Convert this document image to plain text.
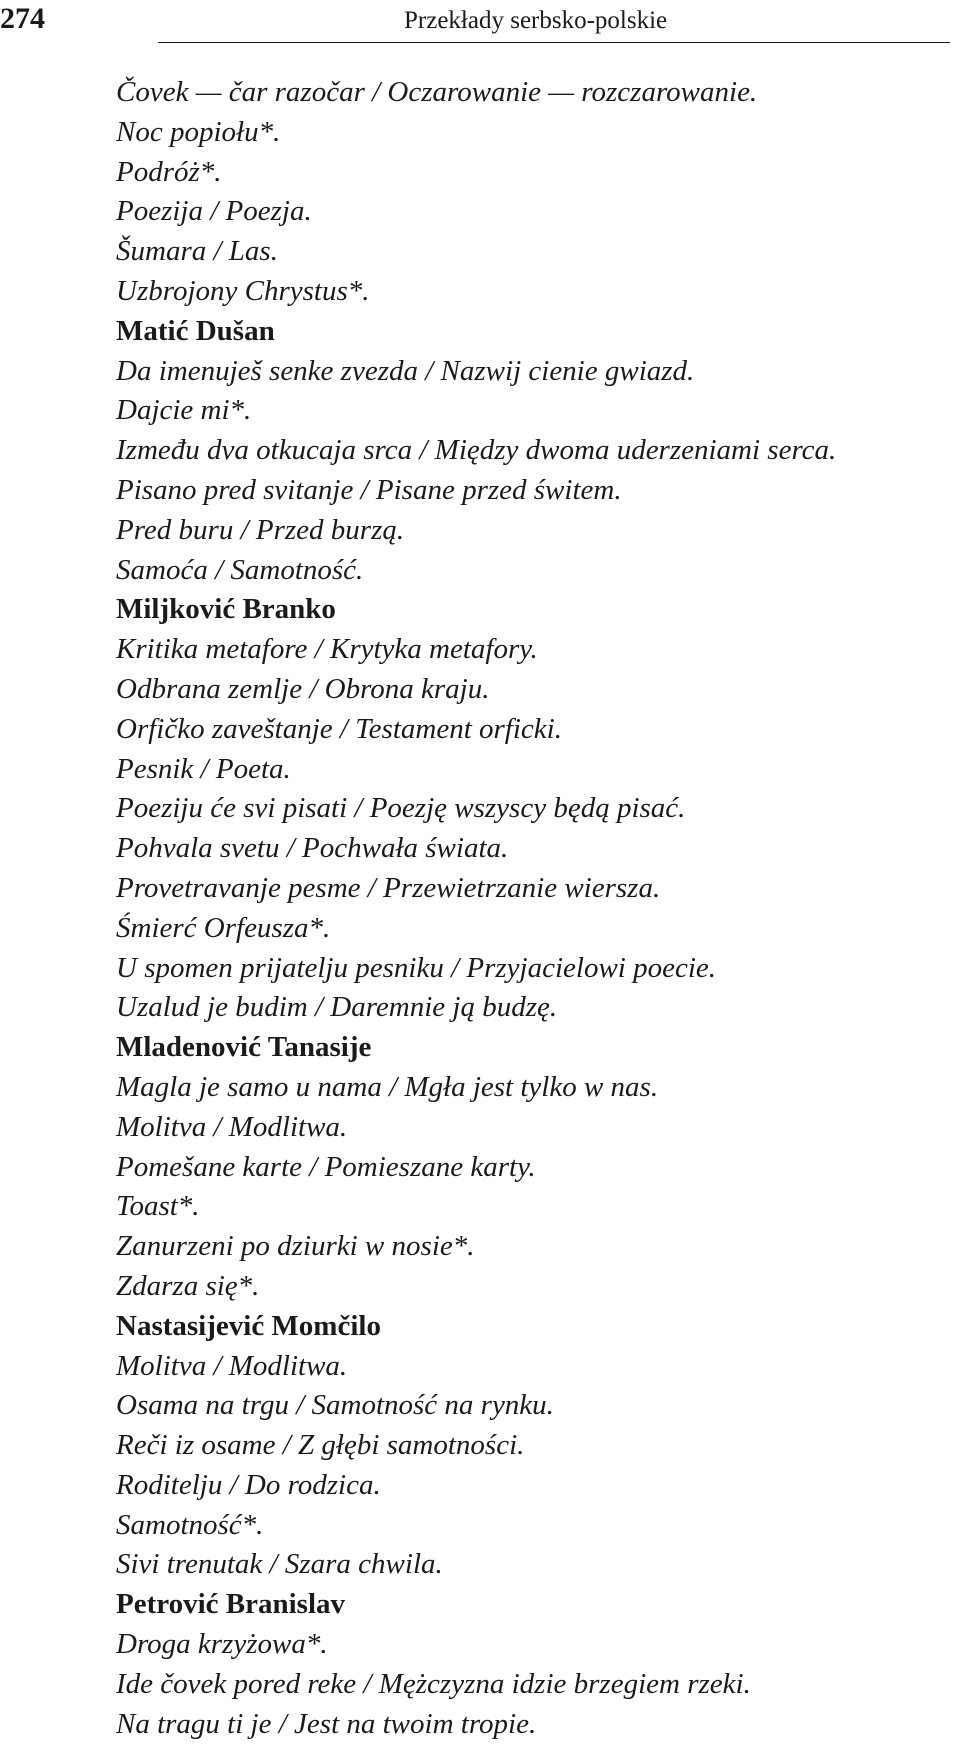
274	Przekłady serbsko-polskie
Čovek — čar razočar / Oczarowanie — rozczarowanie.
Noc popiołu*.
Podróż*.
Poezija / Poezja.
Šumara / Las.
Uzbrojony Chrystus*.
Matić Dušan
Da imenuješ senke zvezda / Nazwij cienie gwiazd.
Dajcie mi*.
Između dva otkucaja srca / Między dwoma uderzeniami serca.
Pisano pred svitanje / Pisane przed świtem.
Pred buru / Przed burzą.
Samoća / Samotność.
Miljković Branko
Kritika metafore / Krytyka metafory.
Odbrana zemlje / Obrona kraju.
Orfičko zaveštanje / Testament orficki.
Pesnik / Poeta.
Poeziju će svi pisati / Poezję wszyscy będą pisać.
Pohvala svetu / Pochwała świata.
Provetravanje pesme / Przewietrzanie wiersza.
Śmierć Orfeusza*.
U spomen prijatelju pesniku / Przyjacielowi poecie.
Uzalud je budim / Daremnie ją budzę.
Mladenović Tanasije
Magla je samo u nama / Mgła jest tylko w nas.
Molitva / Modlitwa.
Pomešane karte / Pomieszane karty.
Toast*.
Zanurzeni po dziurki w nosie*.
Zdarza się*.
Nastasijević Momčilo
Molitva / Modlitwa.
Osama na trgu / Samotność na rynku.
Reči iz osame / Z głębi samotności.
Roditelju / Do rodzica.
Samotność*.
Sivi trenutak / Szara chwila.
Petrović Branislav
Droga krzyżowa*.
Ide čovek pored reke / Mężczyzna idzie brzegiem rzeki.
Na tragu ti je / Jest na twoim tropie.
